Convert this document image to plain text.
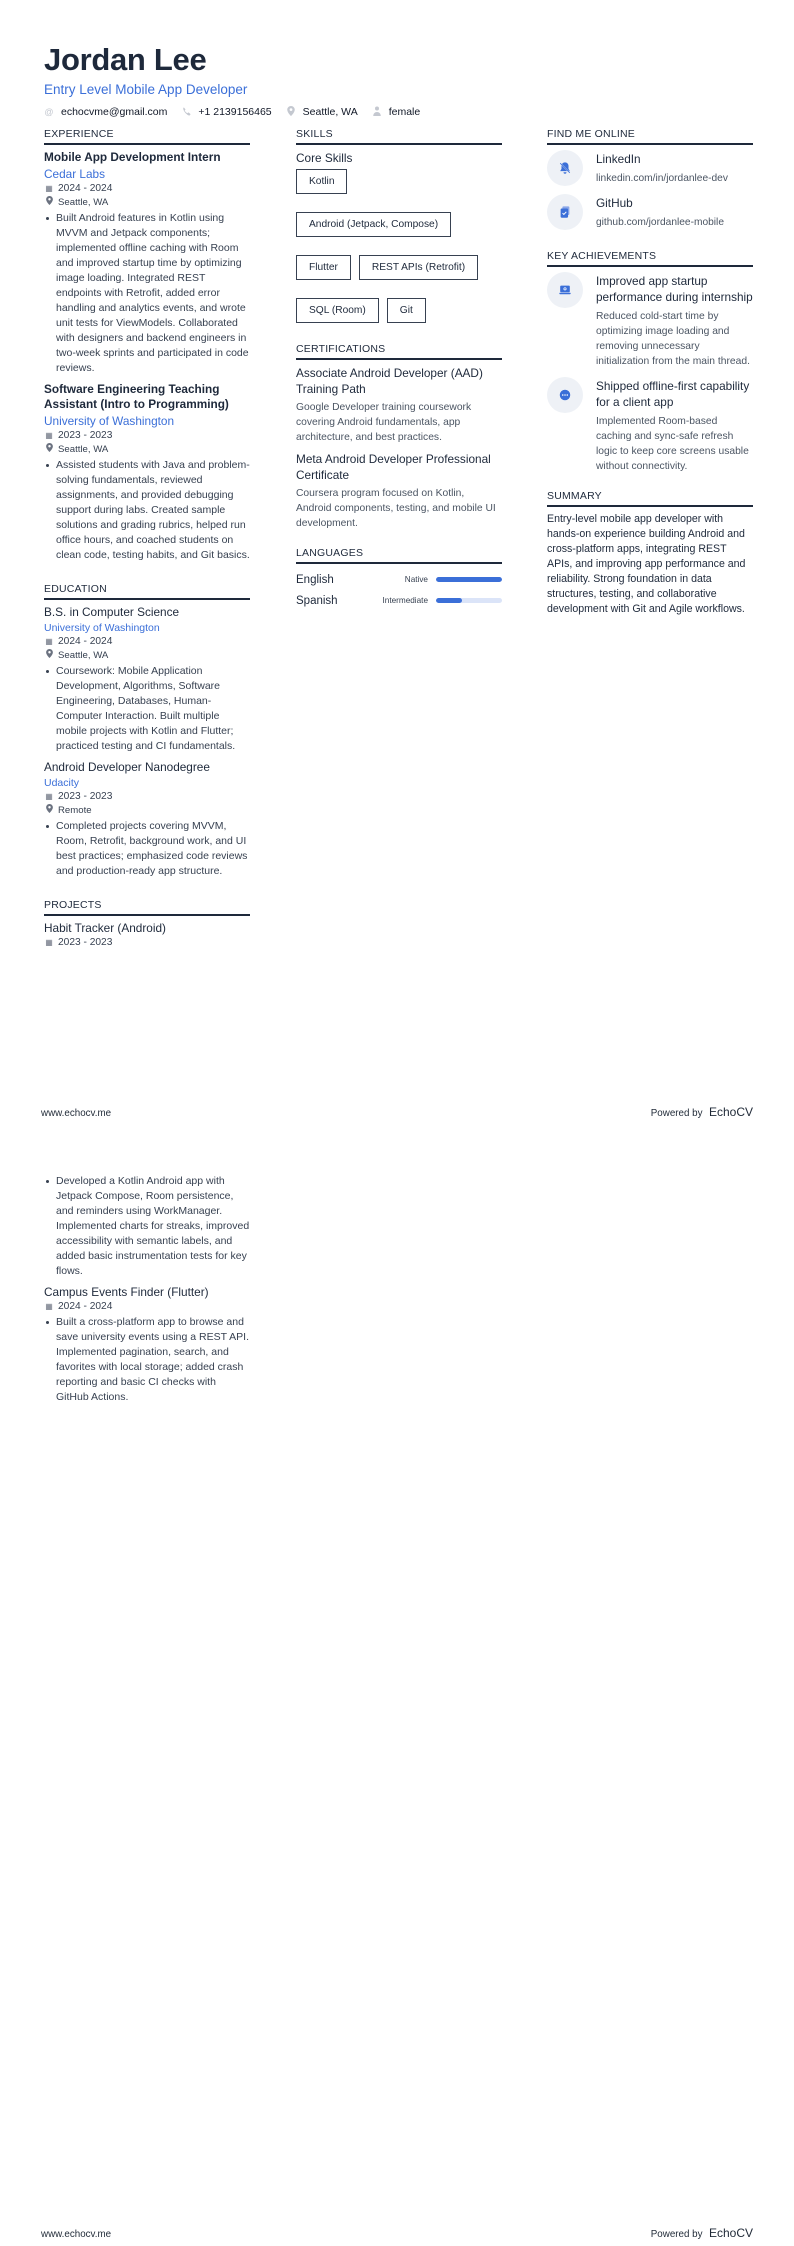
Jordan Lee
Entry Level Mobile App Developer
@ echocvme@gmail.com	+1 2139156465	Seattle, WA	female
EXPERIENCE
Mobile App Development Intern
Cedar Labs
▦ 2024 - 2024
Seattle, WA
Built Android features in Kotlin using MVVM and Jetpack components; implemented offline caching with Room and improved startup time by optimizing image loading. Integrated REST endpoints with Retrofit, added error handling and analytics events, and wrote unit tests for ViewModels. Collaborated with designers and backend engineers in two-week sprints and participated in code reviews.
Software Engineering Teaching Assistant (Intro to Programming)
University of Washington
▦ 2023 - 2023
Seattle, WA
Assisted students with Java and problem-solving fundamentals, reviewed assignments, and provided debugging support during labs. Created sample solutions and grading rubrics, helped run office hours, and coached students on clean code, testing habits, and Git basics.
EDUCATION
B.S. in Computer Science
University of Washington
▦ 2024 - 2024
Seattle, WA
Coursework: Mobile Application Development, Algorithms, Software Engineering, Databases, Human-Computer Interaction. Built multiple mobile projects with Kotlin and Flutter; practiced testing and CI fundamentals.
Android Developer Nanodegree
Udacity
▦ 2023 - 2023
Remote
Completed projects covering MVVM, Room, Retrofit, background work, and UI best practices; emphasized code reviews and production-ready app structure.
PROJECTS
Habit Tracker (Android)
▦ 2023 - 2023
SKILLS
Core Skills
Kotlin
Android (Jetpack, Compose)
Flutter	REST APIs (Retrofit)
SQL (Room)	Git
CERTIFICATIONS
Associate Android Developer (AAD) Training Path
Google Developer training coursework covering Android fundamentals, app architecture, and best practices.
Meta Android Developer Professional Certificate
Coursera program focused on Kotlin, Android components, testing, and mobile UI development.
LANGUAGES
English	Native
Spanish	Intermediate
FIND ME ONLINE
LinkedIn
linkedin.com/in/jordanlee-dev
GitHub
github.com/jordanlee-mobile
KEY ACHIEVEMENTS
Improved app startup performance during internship
Reduced cold-start time by optimizing image loading and removing unnecessary initialization from the main thread.
Shipped offline-first capability for a client app
Implemented Room-based caching and sync-safe refresh logic to keep core screens usable without connectivity.
SUMMARY
Entry-level mobile app developer with hands-on experience building Android and cross-platform apps, integrating REST APIs, and improving app performance and reliability. Strong foundation in data structures, testing, and collaborative development with Git and Agile workflows.
www.echocv.me	Powered by EchoCV
Developed a Kotlin Android app with Jetpack Compose, Room persistence, and reminders using WorkManager. Implemented charts for streaks, improved accessibility with semantic labels, and added basic instrumentation tests for key flows.
Campus Events Finder (Flutter)
▦ 2024 - 2024
Built a cross-platform app to browse and save university events using a REST API. Implemented pagination, search, and favorites with local storage; added crash reporting and basic CI checks with GitHub Actions.
www.echocv.me	Powered by EchoCV
